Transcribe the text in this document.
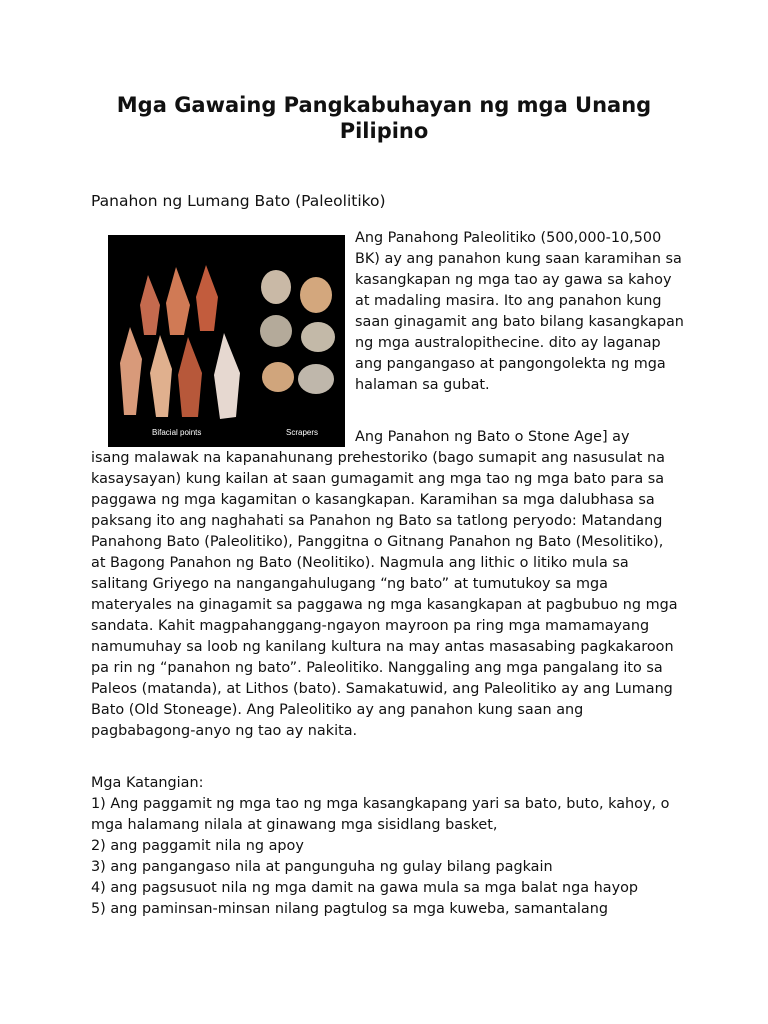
Mga Gawaing Pangkabuhayan ng mga Unang Pilipino
Panahon ng Lumang Bato (Paleolitiko)
Bifacial points	Scrapers

Ang Panahong Paleolitiko (500,000-10,500 BK) ay ang panahon kung saan karamihan sa kasangkapan ng mga tao ay gawa sa kahoy at madaling masira. Ito ang panahon kung saan ginagamit ang bato bilang kasangkapan ng mga australopithecine. dito ay laganap ang pangangaso at pangongolekta ng mga halaman sa gubat.

Ang Panahon ng Bato o Stone Age] ay
isang malawak na kapanahunang prehestoriko (bago sumapit ang nasusulat na kasaysayan) kung kailan at saan gumagamit ang mga tao ng mga bato para sa paggawa ng mga kagamitan o kasangkapan. Karamihan sa mga dalubhasa sa paksang ito ang naghahati sa Panahon ng Bato sa tatlong peryodo: Matandang Panahong Bato (Paleolitiko), Panggitna o Gitnang Panahon ng Bato (Mesolitiko), at Bagong Panahon ng Bato (Neolitiko). Nagmula ang lithic o litiko mula sa salitang Griyego na nangangahulugang “ng bato” at tumutukoy sa mga materyales na ginagamit sa paggawa ng mga kasangkapan at pagbubuo ng mga sandata. Kahit magpahanggang-ngayon mayroon pa ring mga mamamayang namumuhay sa loob ng kanilang kultura na may antas masasabing pagkakaroon pa rin ng “panahon ng bato”. Paleolitiko. Nanggaling ang mga pangalang ito sa Paleos (matanda), at Lithos (bato). Samakatuwid, ang Paleolitiko ay ang Lumang Bato (Old Stoneage). Ang Paleolitiko ay ang panahon kung saan ang pagbabagong-anyo ng tao ay nakita.

Mga Katangian:

1) Ang paggamit ng mga tao ng mga kasangkapang yari sa bato, buto, kahoy, o mga halamang nilala at ginawang mga sisidlang basket,
2) ang paggamit nila ng apoy
3) ang pangangaso nila at pangunguha ng gulay bilang pagkain
4) ang pagsusuot nila ng mga damit na gawa mula sa mga balat nga hayop
5) ang paminsan-minsan nilang pagtulog sa mga kuweba, samantalang
